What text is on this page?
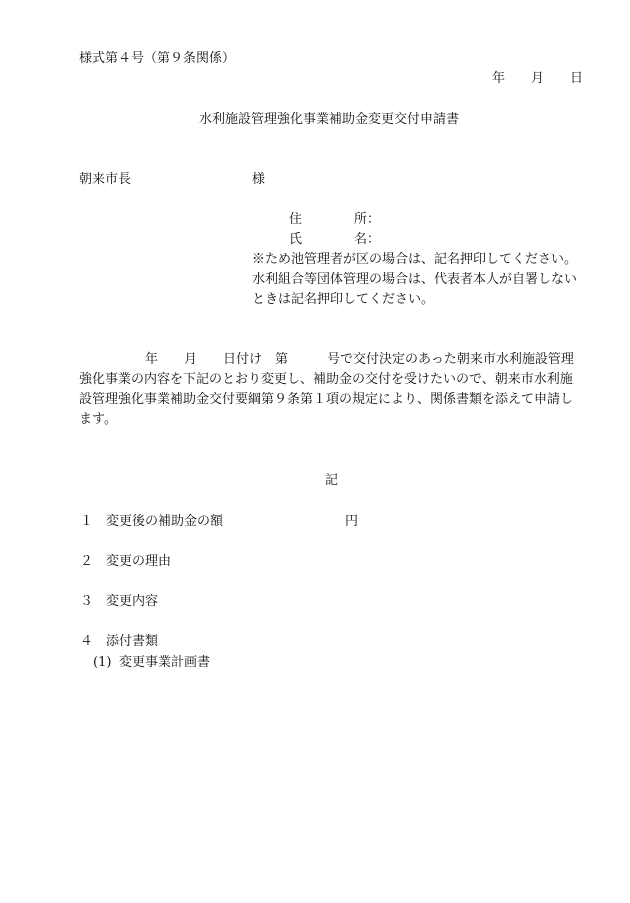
様式第４号（第９条関係）
年　　月　　日
水利施設管理強化事業補助金変更交付申請書
朝来市長	様
住　　　　所：
氏　　　　名：
※ため池管理者が区の場合は、記名押印してください。
水利組合等団体管理の場合は、代表者本人が自署しない
ときは記名押印してください。
年　　月　　日付け　第　　　号で交付決定のあった朝来市水利施設管理
強化事業の内容を下記のとおり変更し、補助金の交付を受けたいので、朝来市水利施
設管理強化事業補助金交付要綱第９条第１項の規定により、関係書類を添えて申請し
ます。
記
１ 変更後の補助金の額	円
２ 変更の理由
３ 変更内容
４ 添付書類
(1) 変更事業計画書
